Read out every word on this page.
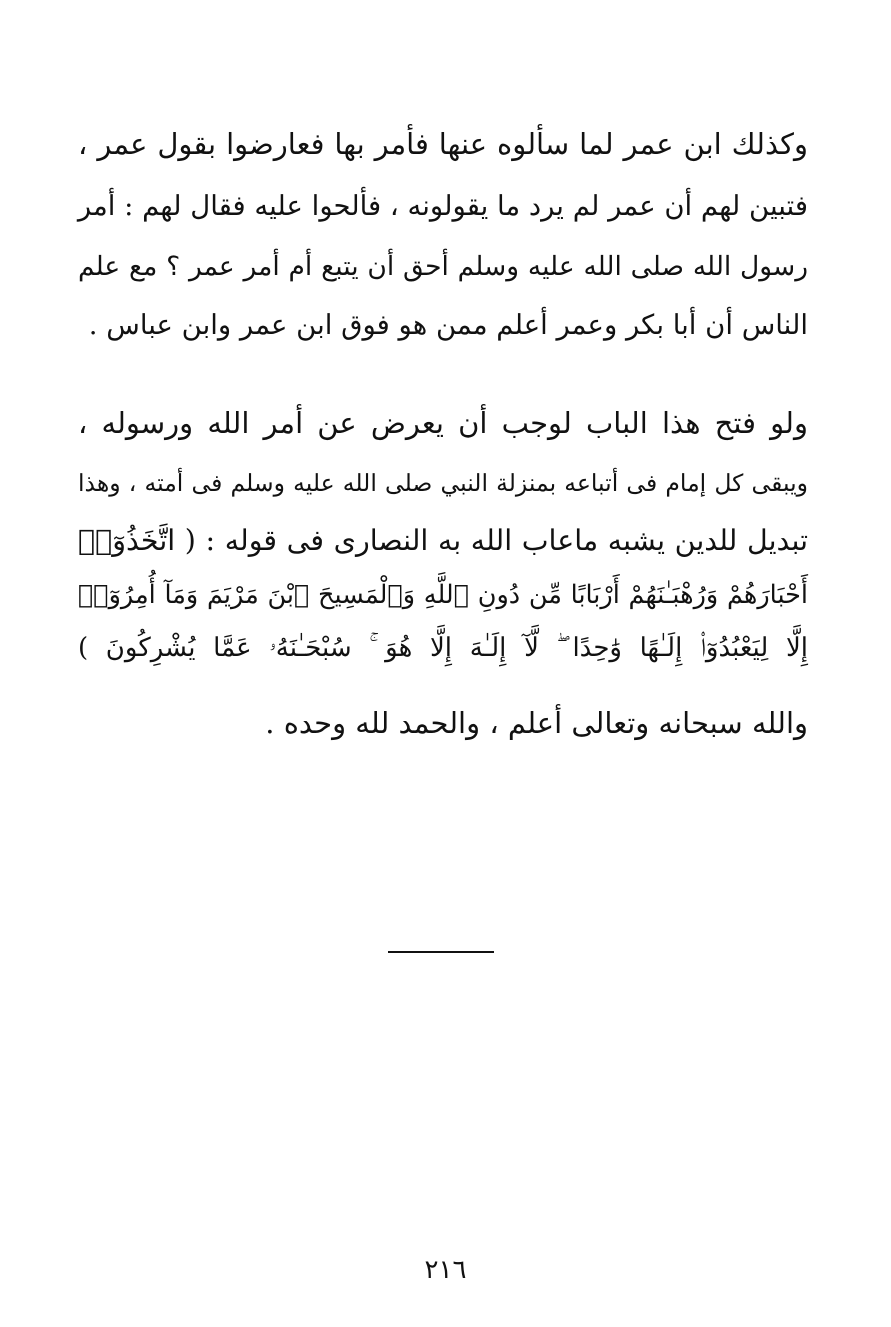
وكذلك ابن عمر لما سألوه عنها فأمر بها فعارضوا بقول عمر ،
فتبين لهم أن عمر لم يرد ما يقولونه ، فألحوا عليه فقال لهم : أمر
رسول الله صلى الله عليه وسلم أحق أن يتبع أم أمر عمر ؟ مع علم
الناس أن أبا بكر وعمر أعلم ممن هو فوق ابن عمر وابن عباس .
ولو فتح هذا الباب لوجب أن يعرض عن أمر الله ورسوله ،
ويبقى كل إمام فى أتباعه بمنزلة النبي صلى الله عليه وسلم فى أمته ، وهذا
تبديل للدين يشبه ماعاب الله به النصارى فى قوله : ( اتَّخَذُوٓا۟
أَحْبَارَهُمْ وَرُهْبَـٰنَهُمْ أَرْبَابًا مِّن دُونِ ٱللَّهِ وَٱلْمَسِيحَ ٱبْنَ مَرْيَمَ وَمَآ أُمِرُوٓا۟
إِلَّا لِيَعْبُدُوٓا۟ إِلَـٰهًا وَٰحِدًا ۖ لَّآ إِلَـٰهَ إِلَّا هُوَ ۚ سُبْحَـٰنَهُۥ عَمَّا يُشْرِكُونَ )
والله سبحانه وتعالى أعلم ، والحمد لله وحده .
٢١٦
